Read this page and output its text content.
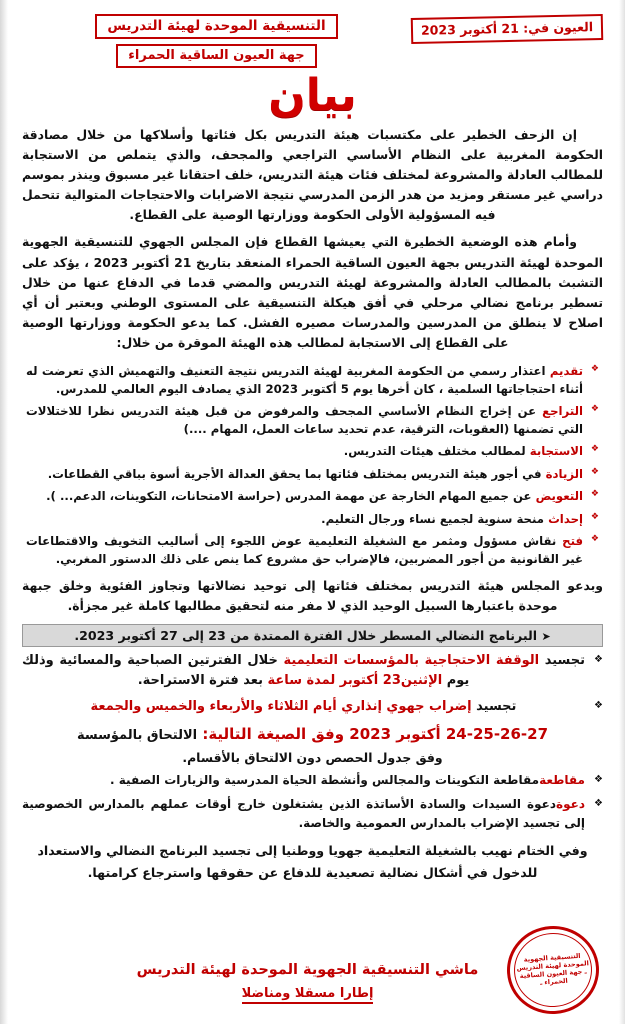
العيون في: 21 أكتوبر 2023
التنسيقية الموحدة لهيئة التدريس
جهة العيون الساقية الحمراء
بيان

إن الزحف الخطير على مكتسبات هيئة التدريس بكل فئاتها وأسلاكها من خلال مصادقة الحكومة المغربية على النظام الأساسي التراجعي والمجحف، والذي يتملص من الاستجابة للمطالب العادلة والمشروعة لمختلف فئات هيئة التدريس، خلف احتقانا غير مسبوق وينذر بموسم دراسي غير مستقر ومزيد من هدر الزمن المدرسي نتيجة الاضرابات والاحتجاجات المتوالية تتحمل فيه المسؤولية الأولى الحكومة ووزارتها الوصية على القطاع.

وأمام هذه الوضعية الخطيرة التي يعيشها القطاع فإن المجلس الجهوي للتنسيقية الجهوية الموحدة لهيئة التدريس بجهة العيون الساقية الحمراء المنعقد بتاريخ 21 أكتوبر 2023 ، يؤكد على التشبث بالمطالب العادلة والمشروعة لهيئة التدريس والمضي قدما في الدفاع عنها من خلال تسطير برنامج نضالي مرحلي في أفق هيكلة التنسيقية على المستوى الوطني وبعتبر أن أي اصلاح لا ينطلق من المدرسين والمدرسات مصيره الفشل. كما يدعو الحكومة ووزارتها الوصية على القطاع إلى الاستجابة لمطالب هذه الهيئة الموقرة من خلال:

❖ تقديم اعتذار رسمي من الحكومة المغربية لهيئة التدريس نتيجة التعنيف والتهميش الذي تعرضت له أثناء احتجاجاتها السلمية ، كان أخرها يوم 5 أكتوبر 2023 الذي يصادف اليوم العالمي للمدرس.
❖ التراجع عن إخراج النظام الأساسي المجحف والمرفوض من قبل هيئة التدريس نظرا للاختلالات التي تضمنها (العقوبات، الترقية، عدم تحديد ساعات العمل، المهام ....)
❖ الاستجابة لمطالب مختلف هيئات التدريس.
❖ الزيادة في أجور هيئة التدريس بمختلف فئاتها بما يحقق العدالة الأجرية أسوة بباقي القطاعات.
❖ التعويض عن جميع المهام الخارجة عن مهمة المدرس (حراسة الامتحانات، التكوينات، الدعم... ).
❖ إحداث منحة سنوية لجميع نساء ورجال التعليم.
❖ فتح نقاش مسؤول ومثمر مع الشغيلة التعليمية عوض اللجوء إلى أساليب التخويف والاقتطاعات غير القانونية من أجور المضربين، فالإضراب حق مشروع كما ينص على ذلك الدستور المغربي.

وبدعو المجلس هيئة التدريس بمختلف فئاتها إلى توحيد نضالاتها وتجاوز الفئوية وخلق جبهة موحدة باعتبارها السبيل الوحيد الذي لا مفر منه لتحقيق مطالبها كاملة غير مجزأة.

➤ البرنامج النضالي المسطر خلال الفترة الممتدة من 23 إلى 27 أكتوبر 2023.
❖ تجسيد الوقفة الاحتجاجية بالمؤسسات التعليمية خلال الفترتين الصباحية والمسائية وذلك يوم الإثنين23 أكتوبر لمدة ساعة بعد فترة الاستراحة.
❖ تجسيد إضراب جهوي إنذاري أيام الثلاثاء والأربعاء والخميس والجمعة
24-25-26-27 أكتوبر 2023 وفق الصيغة التالية: الالتحاق بالمؤسسة
وفق جدول الحصص دون الالتحاق بالأقسام.
❖ مقاطعةمقاطعة التكوينات والمجالس وأنشطة الحياة المدرسية والزيارات الصفية .
❖ دعوةدعوة السيدات والسادة الأساتذة الذين يشتغلون خارج أوقات عملهم بالمدارس الخصوصية إلى تجسيد الإضراب بالمدارس العمومية والخاصة.

وفي الختام نهيب بالشغيلة التعليمية جهويا ووطنيا إلى تجسيد البرنامج النضالي والاستعداد للدخول في أشكال نضالية تصعيدية للدفاع عن حقوقها واسترجاع كرامتها.

التنسيقية الجهوية الموحدة لهيئة التدريس ـ جهة العيون الساقية الحمراء ـ
ماشي التنسيقية الجهوية الموحدة لهيئة التدريس
إطارا مسقلا ومناضلا
